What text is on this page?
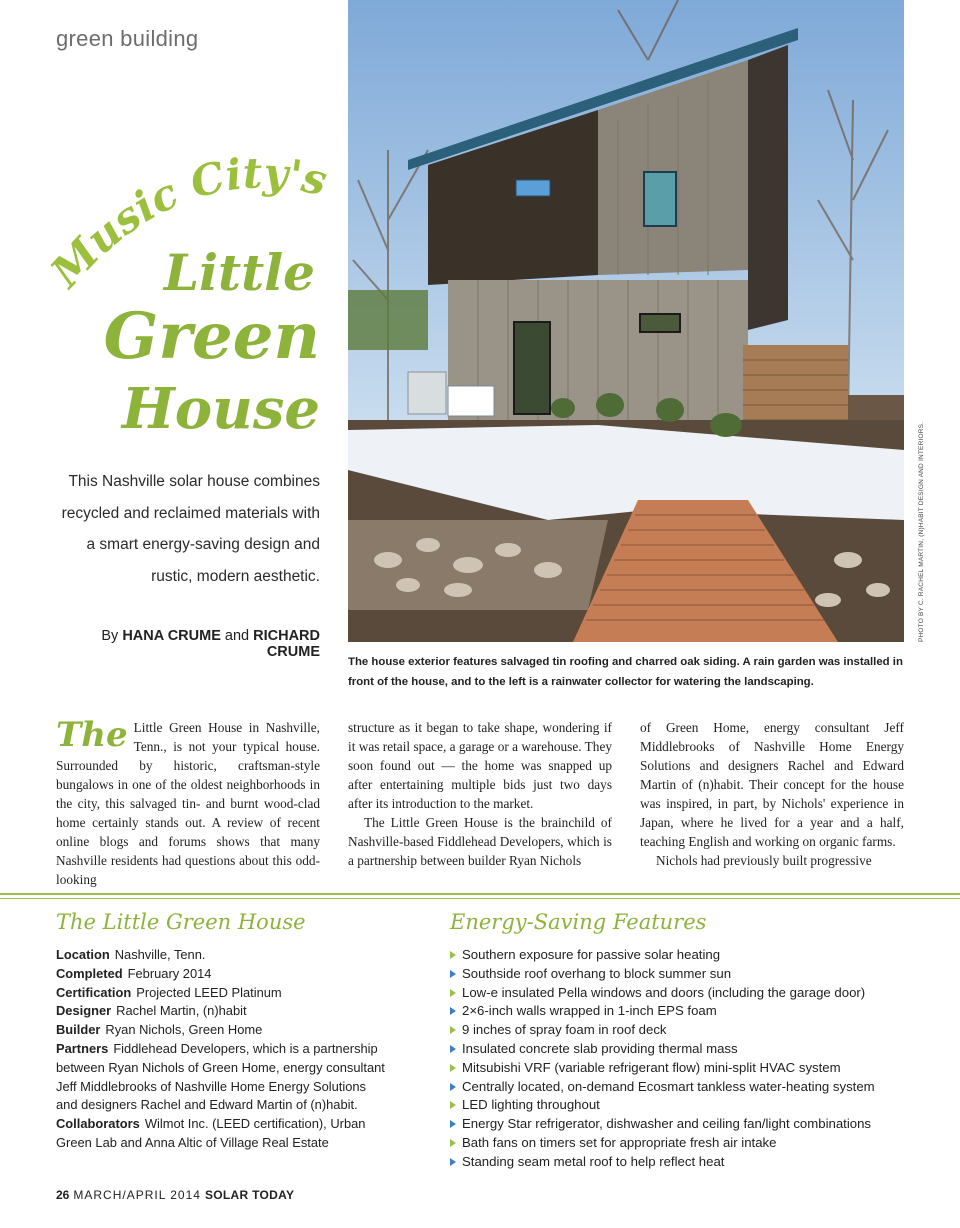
green building
Music City's
Little
Green
House
This Nashville solar house combines recycled and reclaimed materials with a smart energy-saving design and rustic, modern aesthetic.
By HANA CRUME and RICHARD CRUME
PHOTO BY C. RACHEL MARTIN, (N)HABIT DESIGN AND INTERIORS.
The house exterior features salvaged tin roofing and charred oak siding. A rain garden was installed in front of the house, and to the left is a rainwater collector for watering the landscaping.

The Little Green House in Nashville, Tenn., is not your typical house. Surrounded by historic, craftsman-style bungalows in one of the oldest neighborhoods in the city, this salvaged tin- and burnt wood-clad home certainly stands out. A review of recent online blogs and forums shows that many Nashville residents had questions about this odd-looking

structure as it began to take shape, wondering if it was retail space, a garage or a warehouse. They soon found out — the home was snapped up after entertaining multiple bids just two days after its introduction to the market.

The Little Green House is the brainchild of Nashville-based Fiddlehead Developers, which is a partnership between builder Ryan Nichols

of Green Home, energy consultant Jeff Middlebrooks of Nashville Home Energy Solutions and designers Rachel and Edward Martin of (n)habit. Their concept for the house was inspired, in part, by Nichols' experience in Japan, where he lived for a year and a half, teaching English and working on organic farms.

Nichols had previously built progressive

The Little Green House
Location Nashville, Tenn.
Completed February 2014
Certification Projected LEED Platinum
Designer Rachel Martin, (n)habit
Builder Ryan Nichols, Green Home
Partners Fiddlehead Developers, which is a partnership between Ryan Nichols of Green Home, energy consultant Jeff Middlebrooks of Nashville Home Energy Solutions and designers Rachel and Edward Martin of (n)habit.
Collaborators Wilmot Inc. (LEED certification), Urban Green Lab and Anna Altic of Village Real Estate
Energy-Saving Features
Southern exposure for passive solar heating
Southside roof overhang to block summer sun
Low-e insulated Pella windows and doors (including the garage door)
2×6-inch walls wrapped in 1-inch EPS foam
9 inches of spray foam in roof deck
Insulated concrete slab providing thermal mass
Mitsubishi VRF (variable refrigerant flow) mini-split HVAC system
Centrally located, on-demand Ecosmart tankless water-heating system
LED lighting throughout
Energy Star refrigerator, dishwasher and ceiling fan/light combinations
Bath fans on timers set for appropriate fresh air intake
Standing seam metal roof to help reflect heat
26 MARCH/APRIL 2014 SOLAR TODAY
